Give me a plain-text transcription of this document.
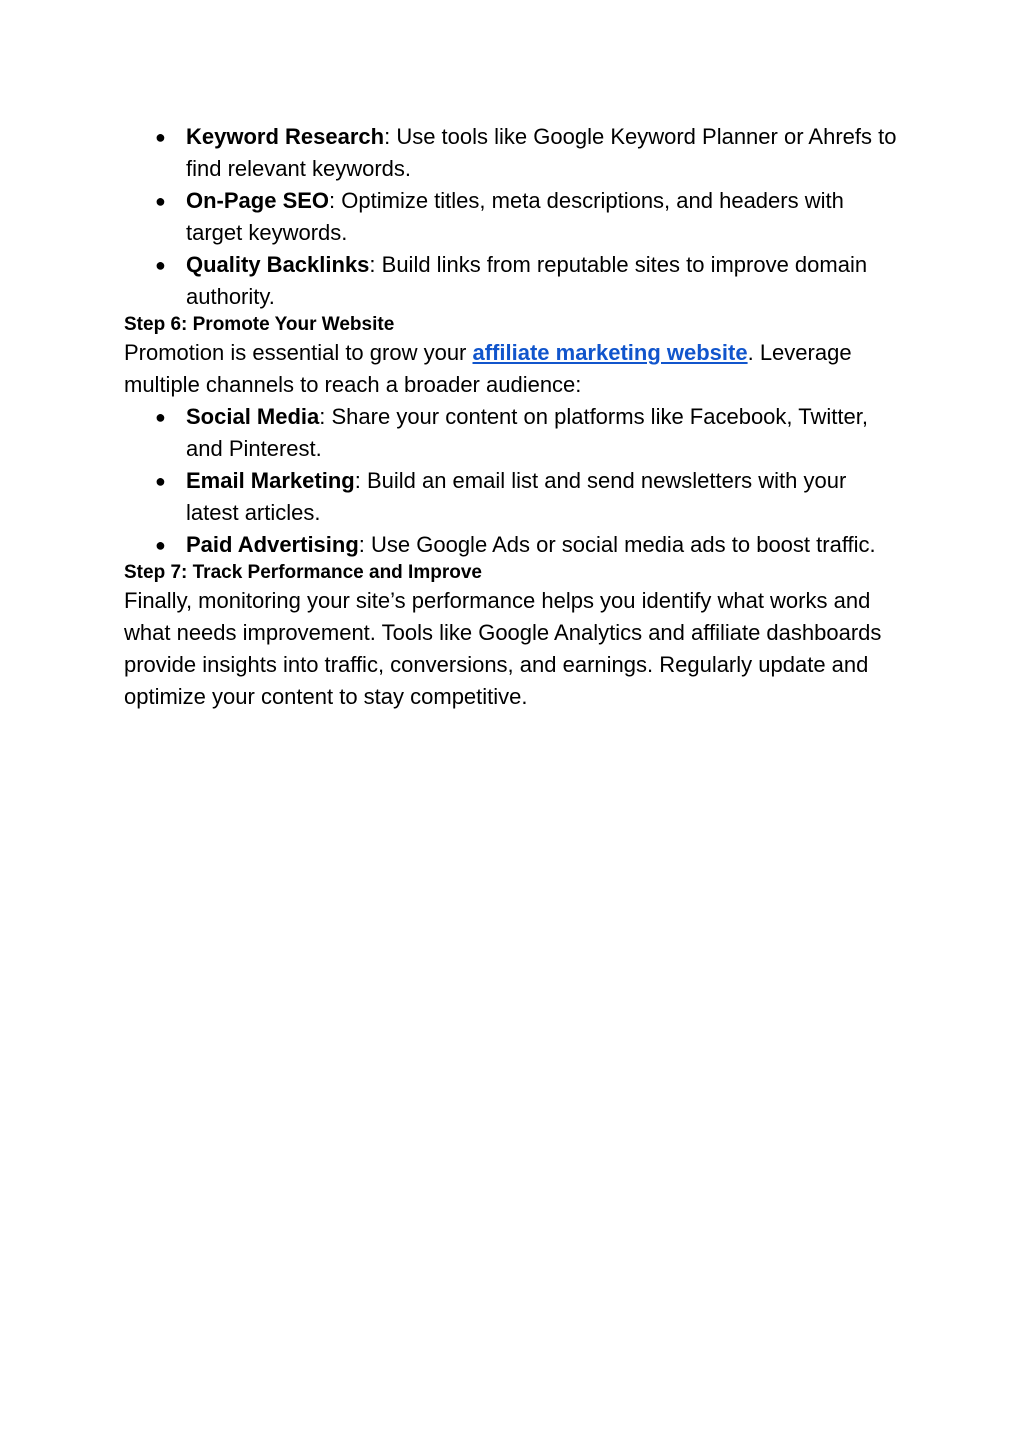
● Keyword Research: Use tools like Google Keyword Planner or Ahrefs to find relevant keywords.
● On-Page SEO: Optimize titles, meta descriptions, and headers with target keywords.
● Quality Backlinks: Build links from reputable sites to improve domain authority.
Step 6: Promote Your Website

Promotion is essential to grow your affiliate marketing website. Leverage multiple channels to reach a broader audience:

● Social Media: Share your content on platforms like Facebook, Twitter, and Pinterest.
● Email Marketing: Build an email list and send newsletters with your latest articles.
● Paid Advertising: Use Google Ads or social media ads to boost traffic.
Step 7: Track Performance and Improve

Finally, monitoring your site’s performance helps you identify what works and what needs improvement. Tools like Google Analytics and affiliate dashboards provide insights into traffic, conversions, and earnings. Regularly update and optimize your content to stay competitive.
